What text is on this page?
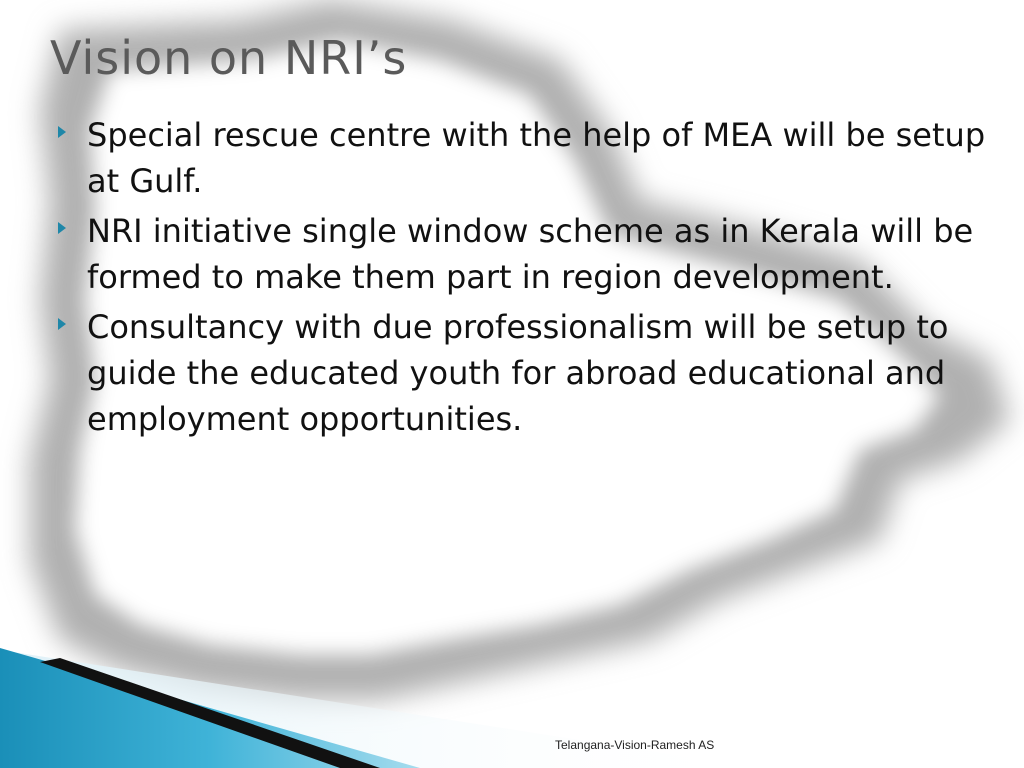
Vision on NRI’s
Special rescue centre with the help of MEA will be setup at Gulf.
NRI initiative single window scheme as in Kerala will be formed to make them part in region development.
Consultancy with due professionalism will be setup to guide the educated youth for abroad educational and employment opportunities.
Telangana-Vision-Ramesh AS
